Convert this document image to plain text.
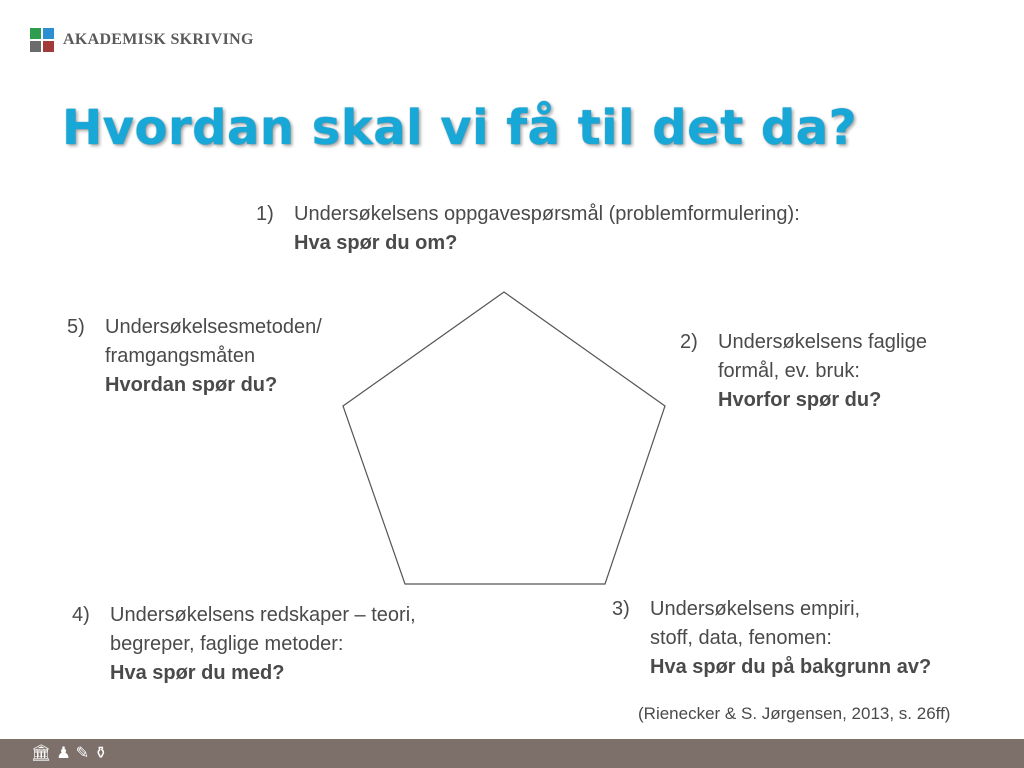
AKADEMISK SKRIVING
Hvordan skal vi få til det da?
1) Undersøkelsens oppgavespørsmål (problemformulering):
Hva spør du om?
5) Undersøkelsesmetoden/
framgangsmåten
Hvordan spør du?
2) Undersøkelsens faglige
formål, ev. bruk:
Hvorfor spør du?
4) Undersøkelsens redskaper – teori,
begreper, faglige metoder:
Hva spør du med?
3) Undersøkelsens empiri,
stoff, data, fenomen:
Hva spør du på bakgrunn av?
(Rienecker & S. Jørgensen, 2013, s. 26ff)
🏛︎ ♟︎ ✎︎ ⚱︎
